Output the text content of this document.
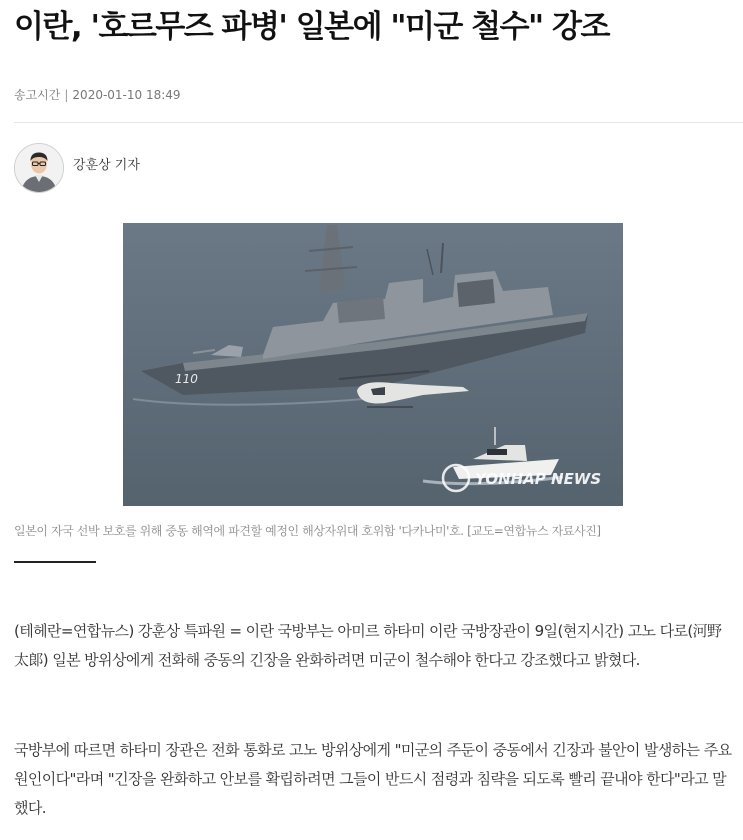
이란, '호르무즈 파병' 일본에 "미군 철수" 강조
송고시간 | 2020-01-10 18:49
강훈상 기자
110
YONHAP NEWS
일본이 자국 선박 보호를 위해 중동 해역에 파견할 예정인 해상자위대 호위함 '다카나미'호. [교도=연합뉴스 자료사진]

(테헤란=연합뉴스) 강훈상 특파원 = 이란 국방부는 아미르 하타미 이란 국방장관이 9일(현지시간) 고노 다로(河野太郞) 일본 방위상에게 전화해 중동의 긴장을 완화하려면 미군이 철수해야 한다고 강조했다고 밝혔다.

국방부에 따르면 하타미 장관은 전화 통화로 고노 방위상에게 "미군의 주둔이 중동에서 긴장과 불안이 발생하는 주요 원인이다"라며 "긴장을 완화하고 안보를 확립하려면 그들이 반드시 점령과 침략을 되도록 빨리 끝내야 한다"라고 말했다.
